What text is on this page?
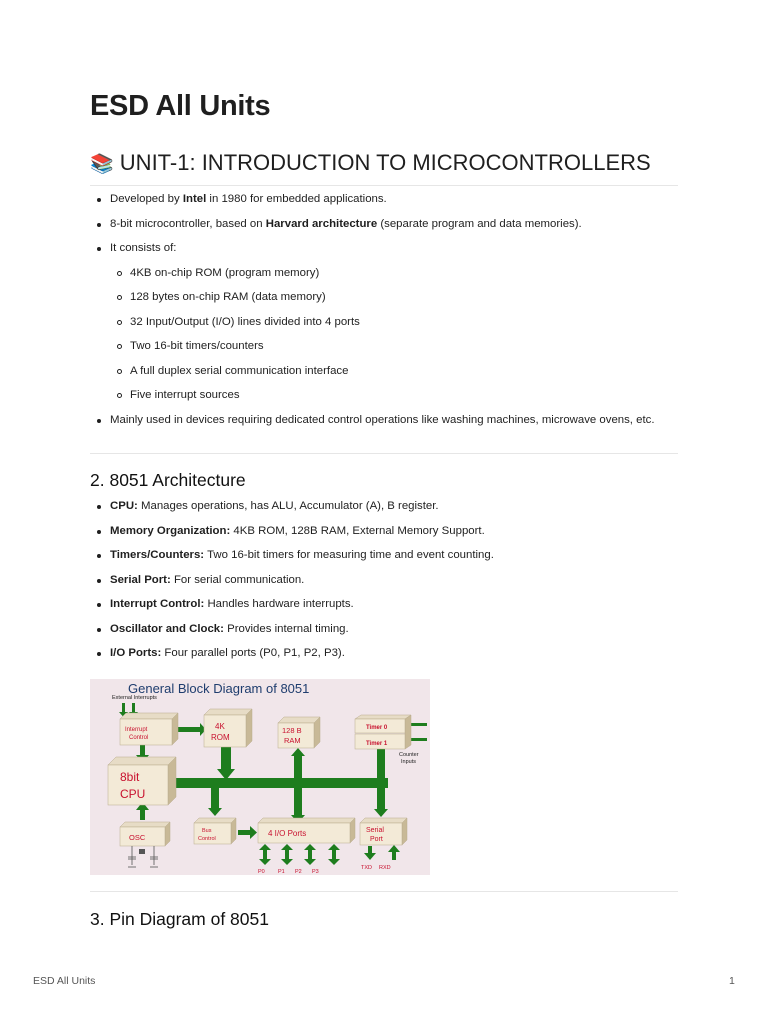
ESD All Units
📚 UNIT-1: INTRODUCTION TO MICROCONTROLLERS
Developed by Intel in 1980 for embedded applications.
8-bit microcontroller, based on Harvard architecture (separate program and data memories).
It consists of:
4KB on-chip ROM (program memory)
128 bytes on-chip RAM (data memory)
32 Input/Output (I/O) lines divided into 4 ports
Two 16-bit timers/counters
A full duplex serial communication interface
Five interrupt sources
Mainly used in devices requiring dedicated control operations like washing machines, microwave ovens, etc.
2. 8051 Architecture
CPU: Manages operations, has ALU, Accumulator (A), B register.
Memory Organization: 4KB ROM, 128B RAM, External Memory Support.
Timers/Counters: Two 16-bit timers for measuring time and event counting.
Serial Port: For serial communication.
Interrupt Control: Handles hardware interrupts.
Oscillator and Clock: Provides internal timing.
I/O Ports: Four parallel ports (P0, P1, P2, P3).
General Block Diagram of 8051
External Interrupts
Interrupt
Control
4K
ROM
128 B
RAM
Timer 0
Timer 1
Counter
Inputs
8bit
CPU
OSC
Bus
Control
4 I/O Ports	Serial
Port
P0 P1 P2 P3
TXD RXD
3. Pin Diagram of 8051
ESD All Units	1
